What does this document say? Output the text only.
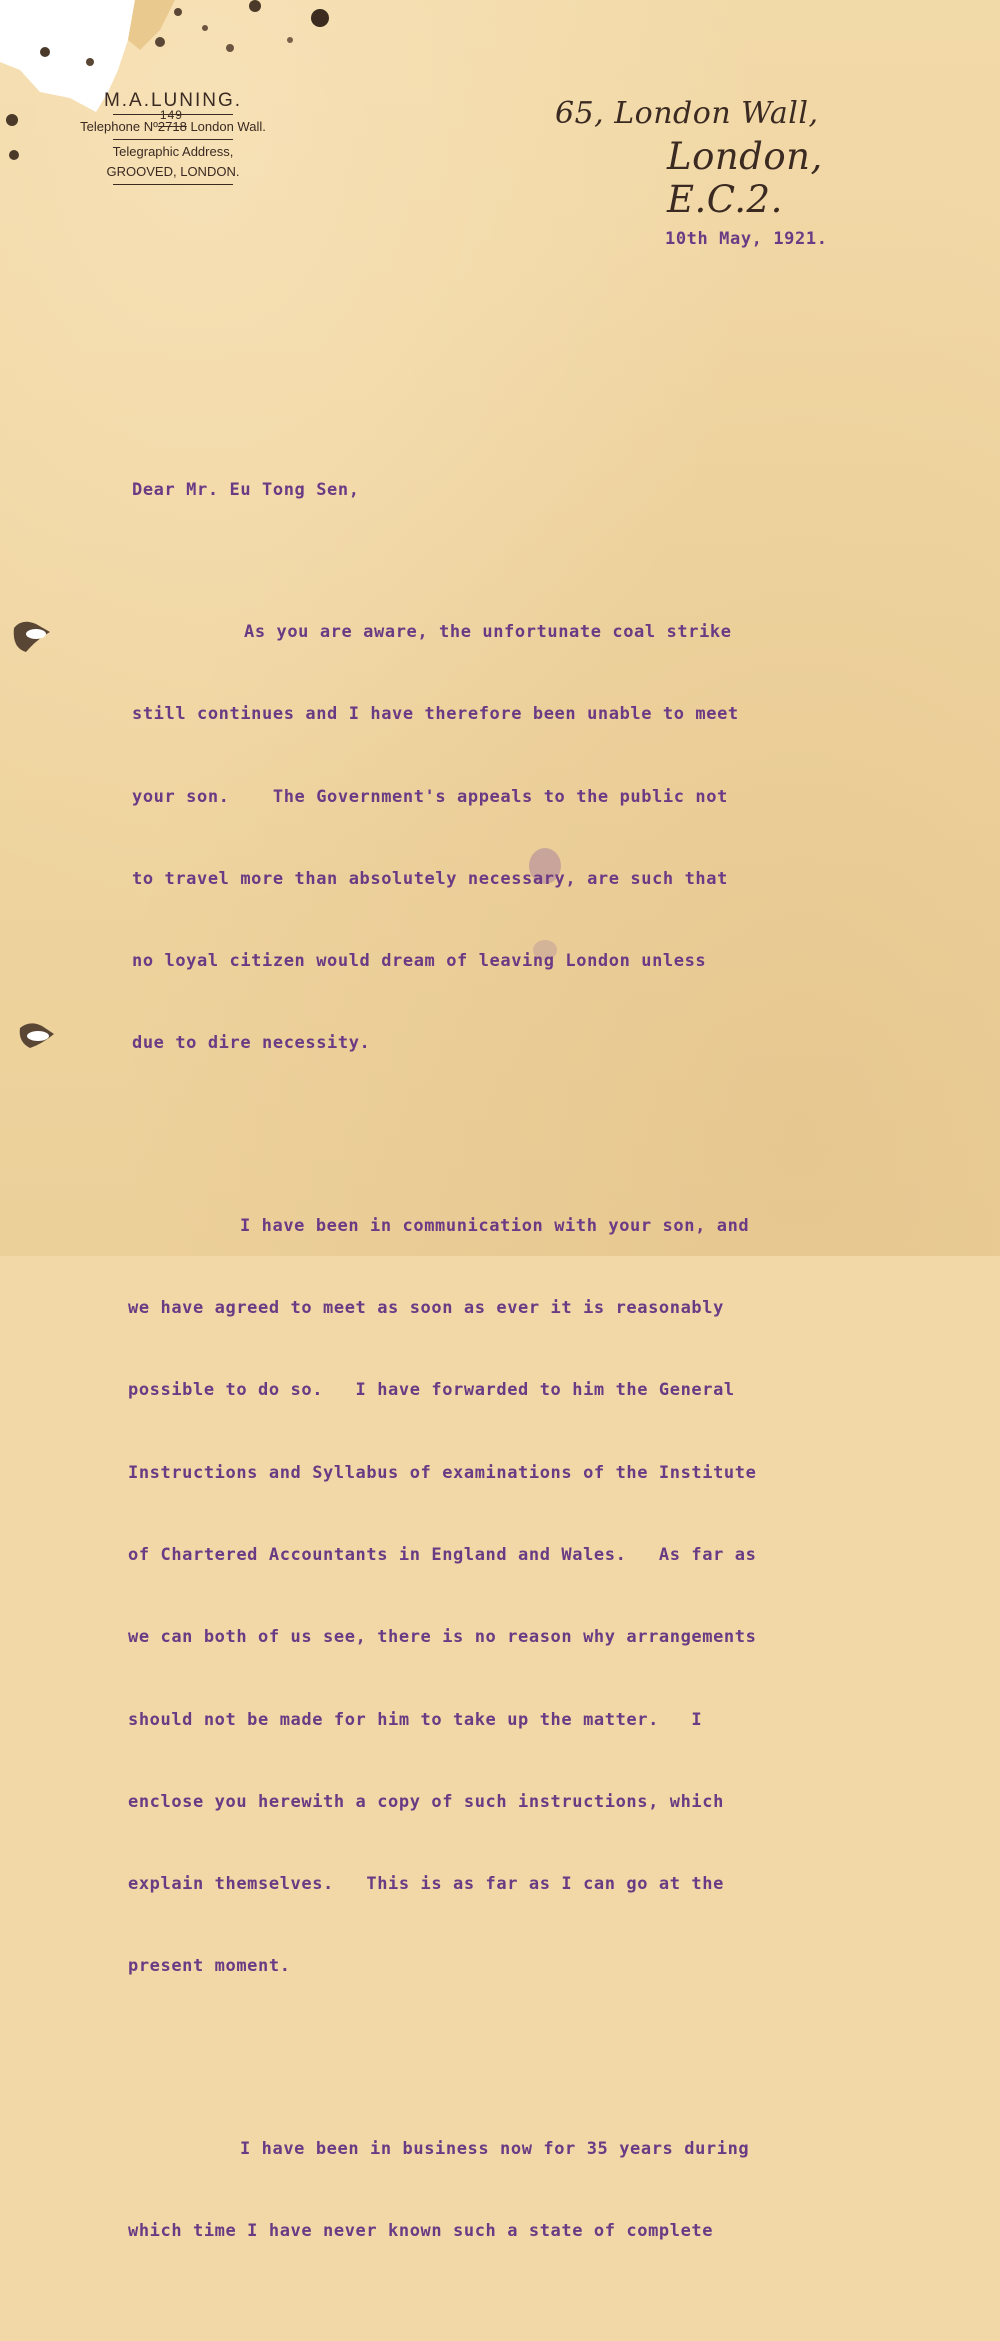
M.A.LUNING.
Telephone Nº
149
2718 London Wall.
Telegraphic Address,
GROOVED, LONDON.
65, London Wall,
London, E.C.2.
10th May, 1921.

Dear Mr. Eu Tong Sen,

As you are aware, the unfortunate coal strike

still continues and I have therefore been unable to meet

your son.    The Government's appeals to the public not

to travel more than absolutely necessary, are such that

no loyal citizen would dream of leaving London unless

due to dire necessity.

I have been in communication with your son, and

we have agreed to meet as soon as ever it is reasonably

possible to do so.   I have forwarded to him the General

Instructions and Syllabus of examinations of the Institute

of Chartered Accountants in England and Wales.   As far as

we can both of us see, there is no reason why arrangements

should not be made for him to take up the matter.   I

enclose you herewith a copy of such instructions, which

explain themselves.   This is as far as I can go at the

present moment.

I have been in business now for 35 years during

which time I have never known such a state of complete
